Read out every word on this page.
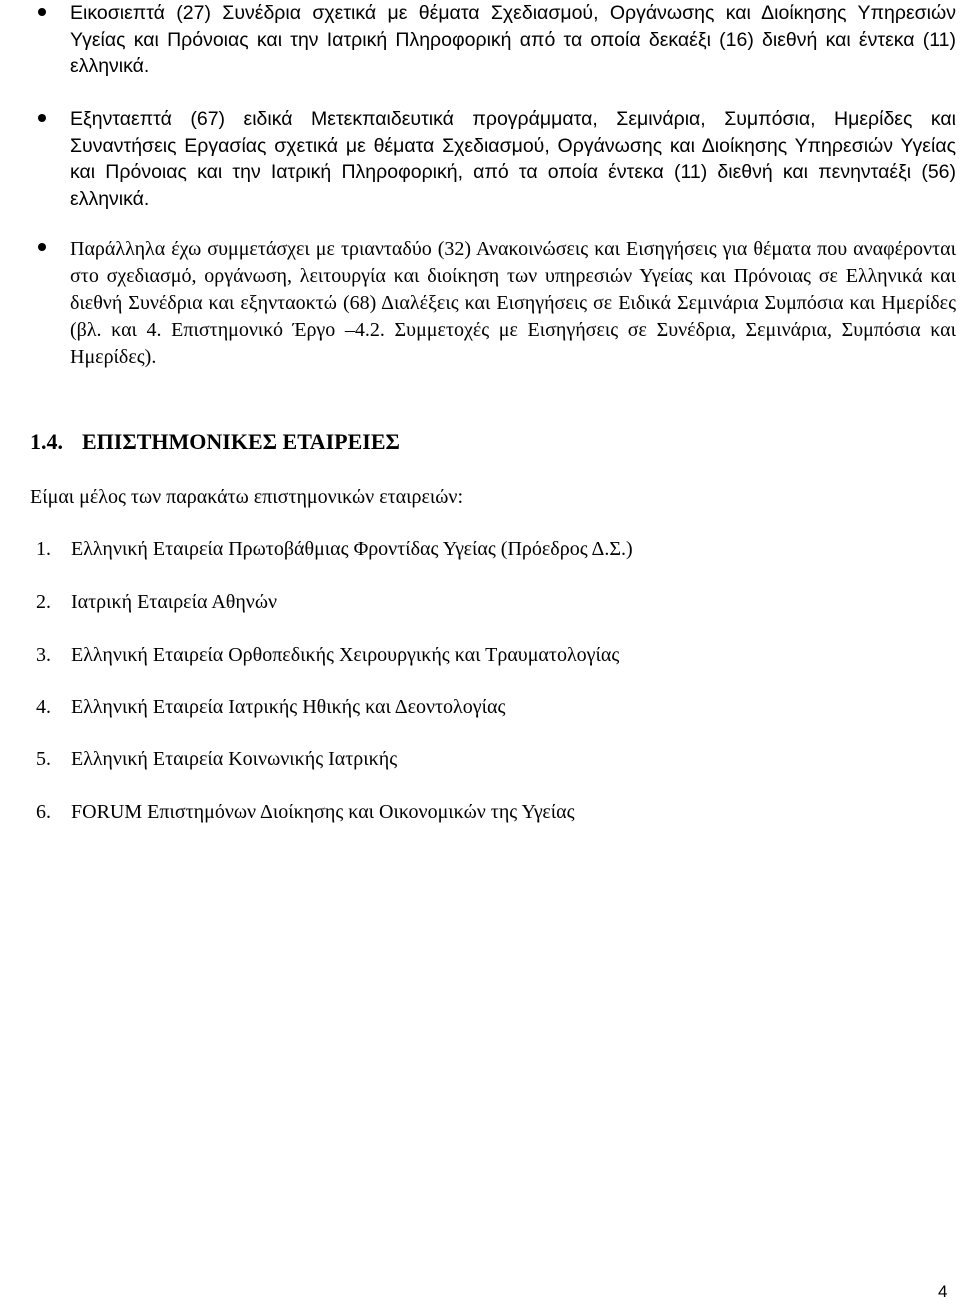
Εικοσιεπτά (27) Συνέδρια σχετικά με θέματα Σχεδιασμού, Οργάνωσης και Διοίκησης Υπηρεσιών Υγείας και Πρόνοιας και την Ιατρική Πληροφορική από τα οποία δεκαέξι (16) διεθνή και έντεκα (11) ελληνικά.
Εξηνταεπτά (67) ειδικά Μετεκπαιδευτικά προγράμματα, Σεμινάρια, Συμπόσια, Ημερίδες και Συναντήσεις Εργασίας σχετικά με θέματα Σχεδιασμού, Οργάνωσης και Διοίκησης Υπηρεσιών Υγείας και Πρόνοιας και την Ιατρική Πληροφορική, από τα οποία έντεκα (11) διεθνή και πενηνταέξι (56) ελληνικά.
Παράλληλα έχω συμμετάσχει με τριανταδύο (32) Ανακοινώσεις και Εισηγήσεις για θέματα που αναφέρονται στο σχεδιασμό, οργάνωση, λειτουργία και διοίκηση των υπηρεσιών Υγείας και Πρόνοιας σε Ελληνικά και διεθνή Συνέδρια και εξηνταοκτώ (68) Διαλέξεις και Εισηγήσεις σε Ειδικά Σεμινάρια Συμπόσια και Ημερίδες (βλ. και 4. Επιστημονικό Έργο –4.2. Συμμετοχές με Εισηγήσεις σε Συνέδρια, Σεμινάρια, Συμπόσια και Ημερίδες).
1.4. ΕΠΙΣΤΗΜΟΝΙΚΕΣ ΕΤΑΙΡΕΙΕΣ
Είμαι μέλος των παρακάτω επιστημονικών εταιρειών:
1. Ελληνική Εταιρεία Πρωτοβάθμιας Φροντίδας Υγείας (Πρόεδρος Δ.Σ.)
2. Ιατρική Εταιρεία Αθηνών
3. Ελληνική Εταιρεία Ορθοπεδικής Χειρουργικής και Τραυματολογίας
4. Ελληνική Εταιρεία Ιατρικής Ηθικής και Δεοντολογίας
5. Ελληνική Εταιρεία Κοινωνικής Ιατρικής
6. FORUM Επιστημόνων Διοίκησης και Οικονομικών της Υγείας
4
